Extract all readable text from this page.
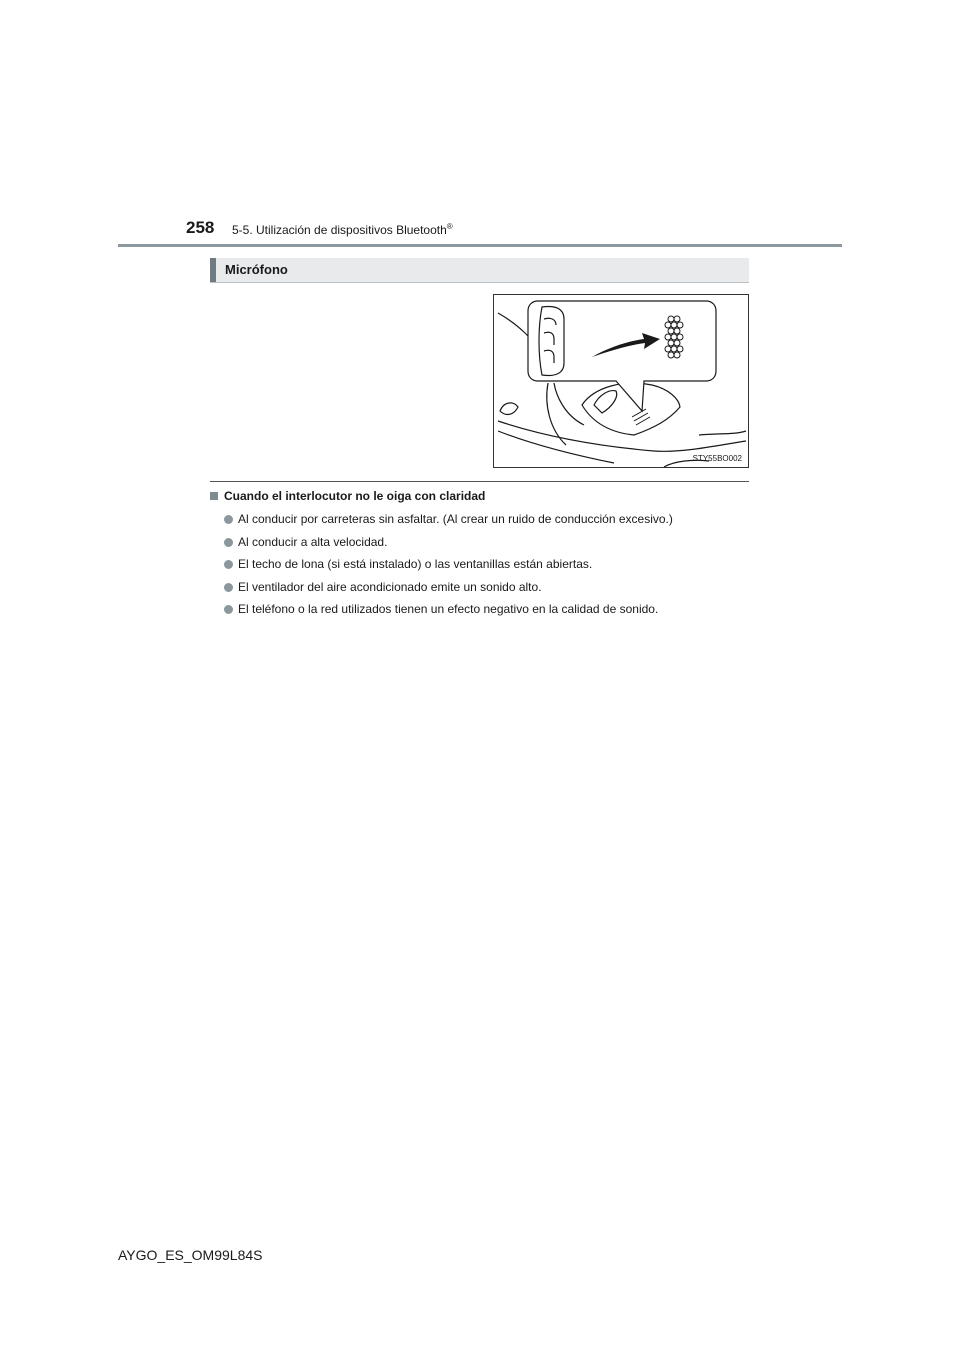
258 5-5. Utilización de dispositivos Bluetooth®
Micrófono
STY55BO002
Cuando el interlocutor no le oiga con claridad
Al conducir por carreteras sin asfaltar. (Al crear un ruido de conducción excesivo.)
Al conducir a alta velocidad.
El techo de lona (si está instalado) o las ventanillas están abiertas.
El ventilador del aire acondicionado emite un sonido alto.
El teléfono o la red utilizados tienen un efecto negativo en la calidad de sonido.
AYGO_ES_OM99L84S
